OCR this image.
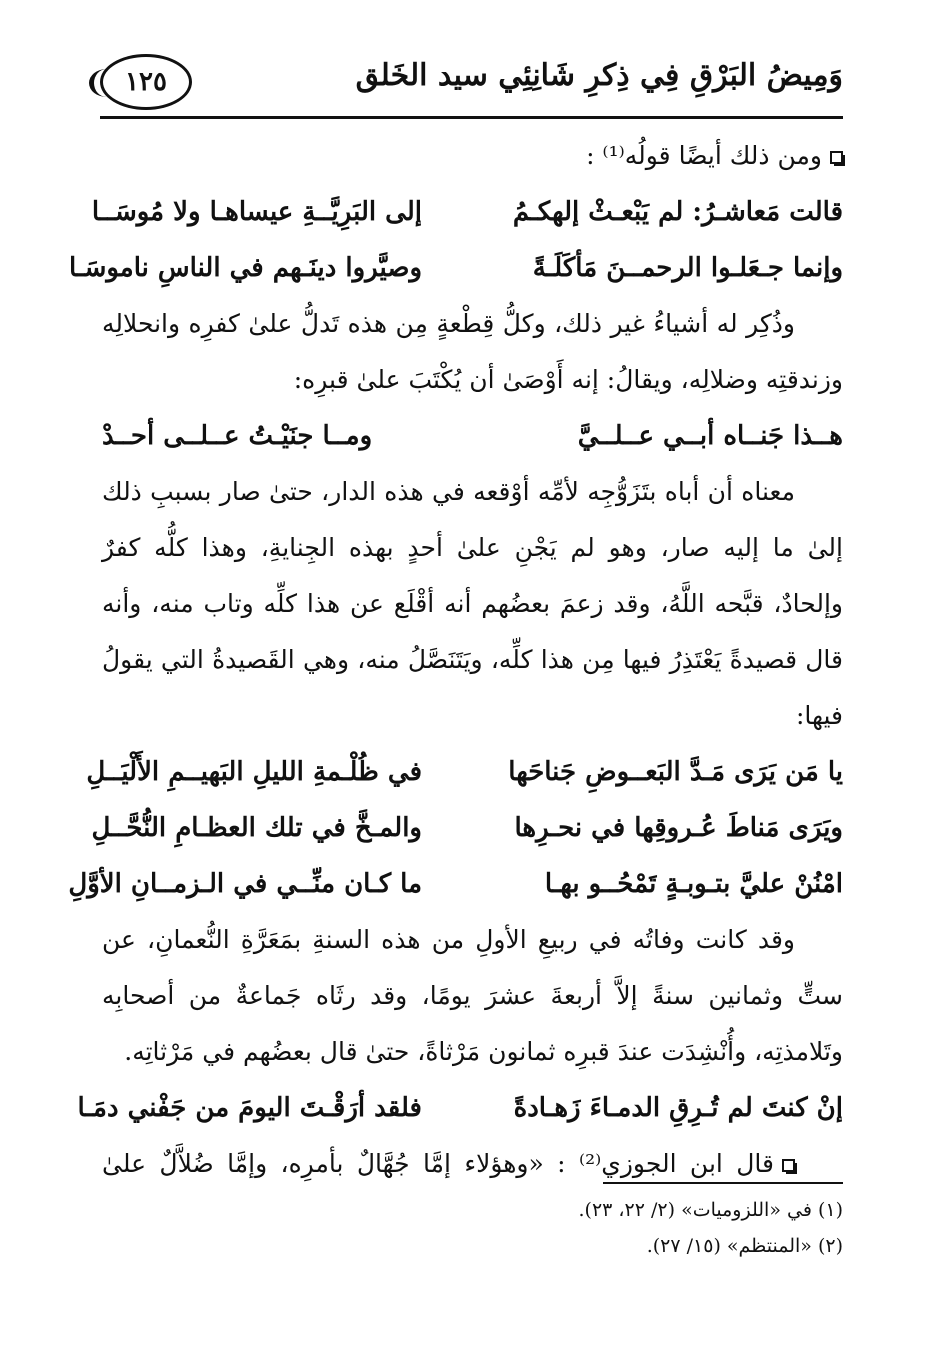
وَمِيضُ البَرْقِ فِي ذِكرِ شَانِئِي سيد الخَلق
١٢٥
ومن ذلك أيضًا قولُه⁽¹⁾ :
قالت مَعاشـرُ: لم يَبْعـثْ إلهكـمُ
إلى البَرِيَّــةِ عيساهـا ولا مُوسَــا
وإنما جـعَلـوا الرحمــنَ مَأكَلَـةً
وصيَّروا دينَـهم في الناسِ ناموسَـا
وذُكِر له أشياءُ غير ذلك، وكلُّ قِطْعةٍ مِن هذه تَدلُّ علىٰ كفرِه وانحلالِه
وزندقتِه وضلالِه، ويقالُ: إنه أَوْصَىٰ أن يُكْتَبَ علىٰ قبرِه:
هــذا جَنــاه أبــي عــلــيَّ
ومــا جنَيْـتُ عــلــى أحــدْ
معناه أن أباه بتَزَوُّجِه لأمِّه أوْقعه في هذه الدار، حتىٰ صار بسببِ ذلك
إلىٰ ما إليه صار، وهو لم يَجْنِ علىٰ أحدٍ بهذه الجِنايةِ، وهذا كلُّه كفرٌ
وإلحادٌ، قبَّحه اللَّهُ، وقد زعمَ بعضُهم أنه أقْلَع عن هذا كلِّه وتاب منه، وأنه
قال قصيدةً يَعْتَذِرُ فيها مِن هذا كلِّه، ويَتَنَصَّلُ منه، وهي القَصيدةُ التي يقولُ
فيها:
يا مَن يَرَى مَـدَّ البَعــوضِ جَناحَها
في ظُلْـمةِ الليلِ البَهيــمِ الأَلْيَــلِ
ويَرَى مَناطَ عُـروقِها في نحـرِها
والمـخَّ في تلك العظـامِ النُّحَّــلِ
امْنُنْ عليَّ بتـوبـةٍ تَمْحُــو بهـا
ما كـان منِّــي في الـزمــانِ الأوَّلِ
وقد كانت وفاتُه في ربيعِ الأولِ من هذه السنةِ بمَعَرَّةِ النُّعمانِ، عن
ستٍّ وثمانين سنةً إلاَّ أربعةَ عشرَ يومًا، وقد رثَاه جَماعةٌ من أصحابِه
وتَلامذتِه، وأُنْشِدَت عندَ قبرِه ثمانون مَرْثاةً، حتىٰ قال بعضُهم في مَرْثاتِه.
إنْ كنتَ لم تُـرِقِ الدمـاءَ زَهـادةً
فلقد أرَقْـتَ اليومَ من جَفْني دمَـا
قال ابن الجوزي⁽²⁾ : «وهؤلاء إمَّا جُهَّالٌ بأمرِه، وإمَّا ضُلاَّلٌ علىٰ
(١) في «اللزوميات» (٢/ ٢٢، ٢٣).
(٢) «المنتظم» (١٥/ ٢٧).
